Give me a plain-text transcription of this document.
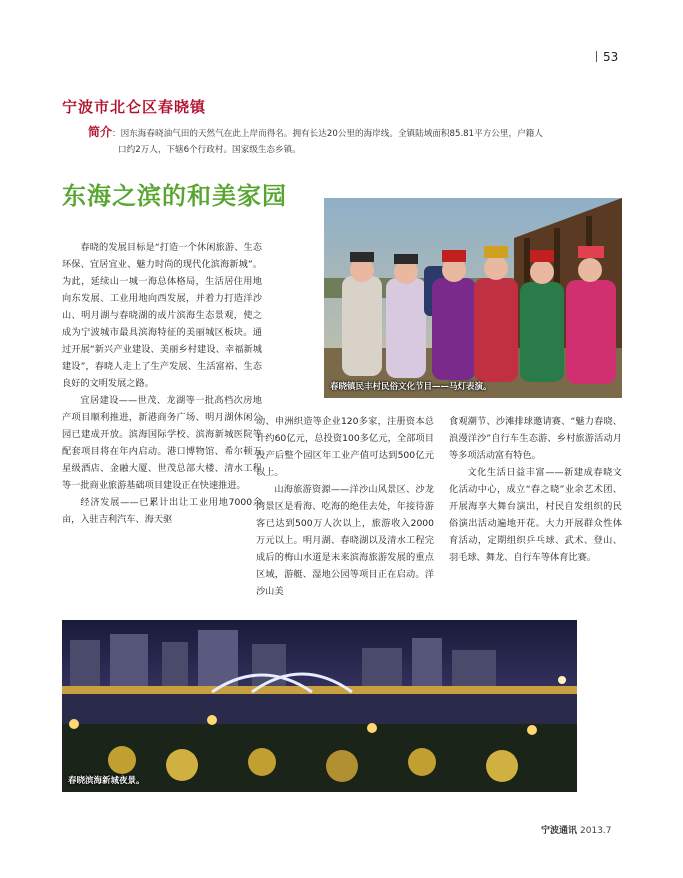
53
宁波市北仑区春晓镇
简介：因东海春晓油气田的天然气在此上岸而得名。拥有长达20公里的海岸线。全镇陆域面积85.81平方公里，户籍人
口约2万人，下辖6个行政村。国家级生态乡镇。
东海之滨的和美家园
春晓镇民丰村民俗文化节目——马灯表演。

春晓的发展目标是“打造一个休闲旅游、生态环保、宜居宜业、魅力时尚的现代化滨海新城”。为此，延续山一城一海总体格局，生活居住用地向东发展、工业用地向西发展，并着力打造洋沙山、明月湖与春晓湖的成片滨海生态景观，使之成为宁波城市最具滨海特征的美丽城区板块。通过开展“新兴产业建设、美丽乡村建设、幸福新城建设”，春晓人走上了生产发展、生活富裕、生态良好的文明发展之路。

宜居建设——世茂、龙湖等一批高档次房地产项目顺利推进，新港商务广场、明月湖休闲公园已建成开放。滨海国际学校、滨海新城医院等配套项目将在年内启动。港口博物馆、希尔顿五星级酒店、金融大厦、世茂总部大楼、清水工程等一批商业旅游基础项目建设正在快速推进。

经济发展——已累计出让工业用地7000余亩，入驻吉利汽车、海天驱

动、申洲织造等企业120多家，注册资本总计约60亿元，总投资100多亿元，全部项目投产后整个园区年工业产值可达到500亿元以上。

山海旅游资源——洋沙山风景区、沙龙湾景区是看海、吃海的绝佳去处，年接待游客已达到500万人次以上，旅游收入2000万元以上。明月湖、春晓湖以及清水工程完成后的梅山水道是未来滨海旅游发展的重点区域，游艇、湿地公园等项目正在启动。洋沙山美

食观潮节、沙滩排球邀请赛、“魅力春晓、浪漫洋沙”自行车生态游、乡村旅游活动月等多项活动富有特色。

文化生活日益丰富——新建成春晓文化活动中心，成立“春之晓”业余艺术团、开展海享大舞台演出，村民自发组织的民俗演出活动遍地开花。大力开展群众性体育活动，定期组织乒乓球、武术、登山、羽毛球、舞龙、自行车等体育比赛。

春晓滨海新城夜景。
宁波通讯 2013.7
